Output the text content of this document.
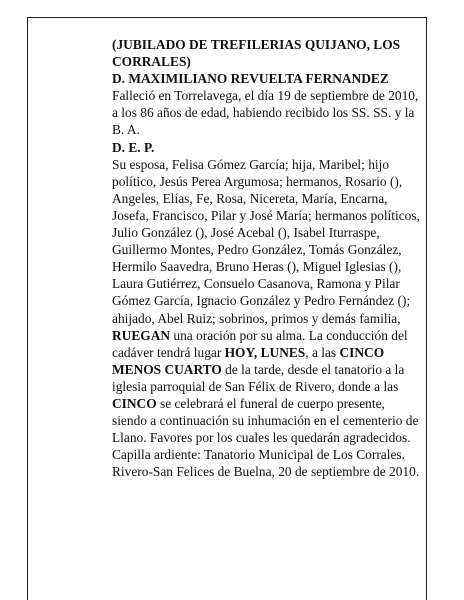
(JUBILADO DE TREFILERIAS QUIJANO, LOS CORRALES)

D. MAXIMILIANO REVUELTA FERNANDEZ

Falleció en Torrelavega, el día 19 de septiembre de 2010,

a los 86 años de edad, habiendo recibido los SS. SS. y la B. A.

D. E. P.

Su esposa, Felisa Gómez García; hija, Maribel; hijo político, Jesús Perea Argumosa; hermanos, Rosario (), Angeles, Elías, Fe, Rosa, Nicereta, María, Encarna, Josefa, Francisco, Pilar y José María; hermanos políticos, Julio González (), José Acebal (), Isabel Iturraspe, Guillermo Montes, Pedro González, Tomás González, Hermilo Saavedra, Bruno Heras (), Miguel Iglesias (), Laura Gutiérrez, Consuelo Casanova, Ramona y Pilar Gómez García, Ignacio González y Pedro Fernández (); ahijado, Abel Ruiz; sobrinos, primos y demás familia,

RUEGAN una oración por su alma. La conducción del cadáver tendrá lugar HOY, LUNES, a las CINCO MENOS CUARTO de la tarde, desde el tanatorio a la iglesia parroquial de San Félix de Rivero, donde a las CINCO se celebrará el funeral de cuerpo presente, siendo a continuación su inhumación en el cementerio de Llano. Favores por los cuales les quedarán agradecidos. Capilla ardiente: Tanatorio Municipal de Los Corrales.

Rivero-San Felices de Buelna, 20 de septiembre de 2010.
